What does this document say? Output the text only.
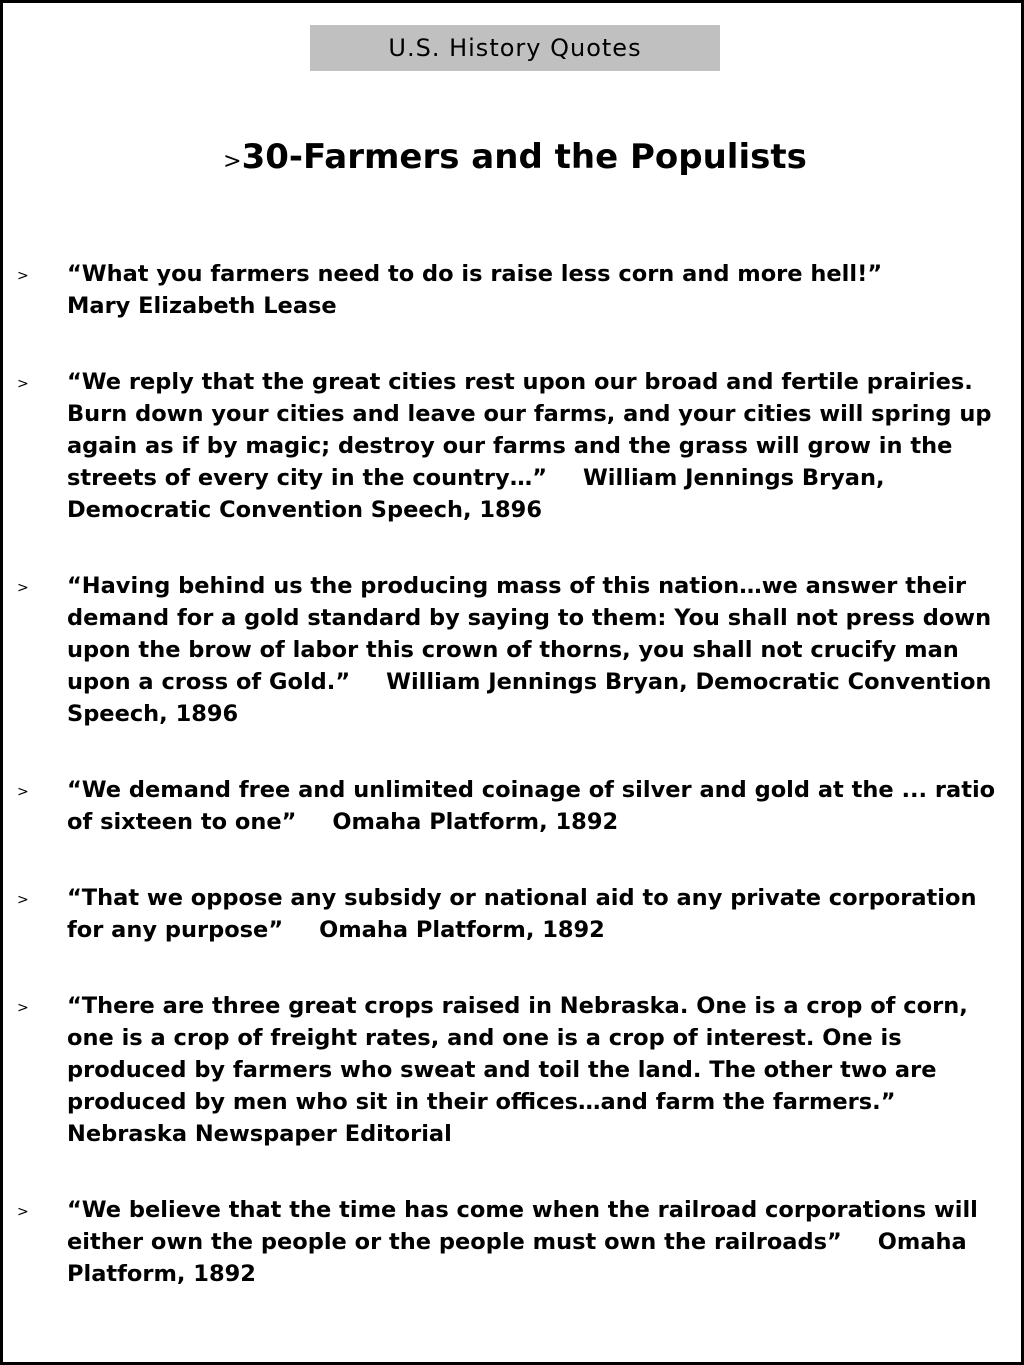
U.S. History Quotes
>30-Farmers and the Populists
> “What you farmers need to do is raise less corn and more hell!”
Mary Elizabeth Lease
> “We reply that the great cities rest upon our broad and fertile prairies. Burn down your cities and leave our farms, and your cities will spring up again as if by magic; destroy our farms and the grass will grow in the streets of every city in the country…” William Jennings Bryan, Democratic Convention Speech, 1896
> “Having behind us the producing mass of this nation…we answer their demand for a gold standard by saying to them: You shall not press down upon the brow of labor this crown of thorns, you shall not crucify man upon a cross of Gold.” William Jennings Bryan, Democratic Convention Speech, 1896
> “We demand free and unlimited coinage of silver and gold at the ... ratio of sixteen to one” Omaha Platform, 1892
> “That we oppose any subsidy or national aid to any private corporation for any purpose” Omaha Platform, 1892
> “There are three great crops raised in Nebraska. One is a crop of corn, one is a crop of freight rates, and one is a crop of interest. One is produced by farmers who sweat and toil the land. The other two are produced by men who sit in their offices…and farm the farmers.”
Nebraska Newspaper Editorial
> “We believe that the time has come when the railroad corporations will either own the people or the people must own the railroads” Omaha Platform, 1892
